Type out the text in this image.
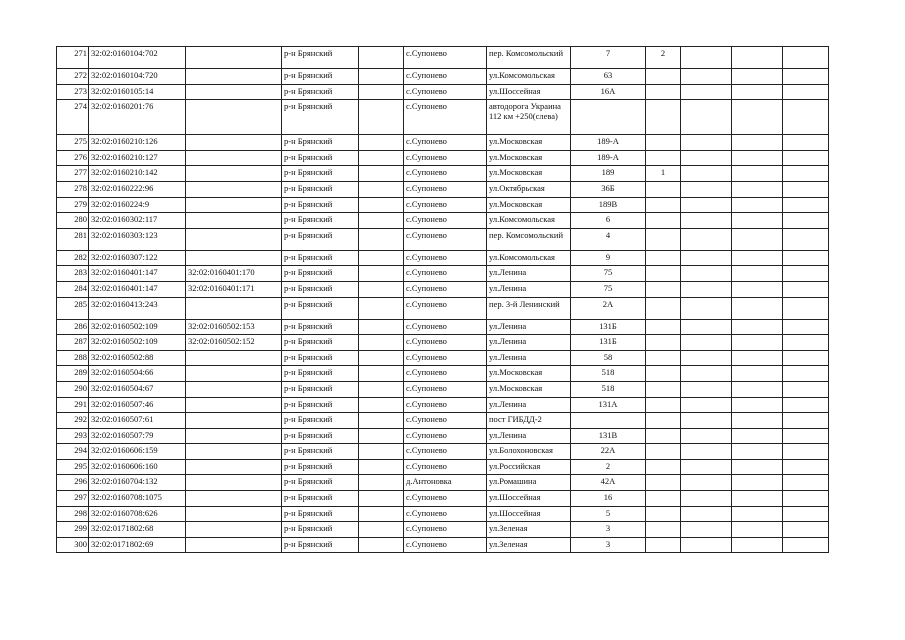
271	32:02:0160104:702		р-н Брянский		с.Супонево	пер. Комсомольский	7	2			
272	32:02:0160104:720		р-н Брянский		с.Супонево	ул.Комсомольская	63				
273	32:02:0160105:14		р-н Брянский		с.Супонево	ул.Шоссейная	16А				
274	32:02:0160201:76		р-н Брянский		с.Супонево	автодорога Украина 112 км +250(слева)					
275	32:02:0160210:126		р-н Брянский		с.Супонево	ул.Московская	189-А				
276	32:02:0160210:127		р-н Брянский		с.Супонево	ул.Московская	189-А				
277	32:02:0160210:142		р-н Брянский		с.Супонево	ул.Московская	189	1			
278	32:02:0160222:96		р-н Брянский		с.Супонево	ул.Октябрьская	36Б				
279	32:02:0160224:9		р-н Брянский		с.Супонево	ул.Московская	189В				
280	32:02:0160302:117		р-н Брянский		с.Супонево	ул.Комсомольская	6				
281	32:02:0160303:123		р-н Брянский		с.Супонево	пер. Комсомольский	4				
282	32:02:0160307:122		р-н Брянский		с.Супонево	ул.Комсомольская	9				
283	32:02:0160401:147	32:02:0160401:170	р-н Брянский		с.Супонево	ул.Ленина	75				
284	32:02:0160401:147	32:02:0160401:171	р-н Брянский		с.Супонево	ул.Ленина	75				
285	32:02:0160413:243		р-н Брянский		с.Супонево	пер. 3-й Ленинский	2А				
286	32:02:0160502:109	32:02:0160502:153	р-н Брянский		с.Супонево	ул.Ленина	131Б				
287	32:02:0160502:109	32:02:0160502:152	р-н Брянский		с.Супонево	ул.Ленина	131Б				
288	32:02:0160502:88		р-н Брянский		с.Супонево	ул.Ленина	58				
289	32:02:0160504:66		р-н Брянский		с.Супонево	ул.Московская	518				
290	32:02:0160504:67		р-н Брянский		с.Супонево	ул.Московская	518				
291	32:02:0160507:46		р-н Брянский		с.Супонево	ул.Ленина	131А				
292	32:02:0160507:61		р-н Брянский		с.Супонево	пост ГИБДД-2					
293	32:02:0160507:79		р-н Брянский		с.Супонево	ул.Ленина	131В				
294	32:02:0160606:159		р-н Брянский		с.Супонево	ул.Болохоновская	22А				
295	32:02:0160606:160		р-н Брянский		с.Супонево	ул.Российская	2				
296	32:02:0160704:132		р-н Брянский		д.Антоновка	ул.Ромашина	42А				
297	32:02:0160708:1075		р-н Брянский		с.Супонево	ул.Шоссейная	16				
298	32:02:0160708:626		р-н Брянский		с.Супонево	ул.Шоссейная	5				
299	32:02:0171802:68		р-н Брянский		с.Супонево	ул.Зеленая	3				
300	32:02:0171802:69		р-н Брянский		с.Супонево	ул.Зеленая	3				
